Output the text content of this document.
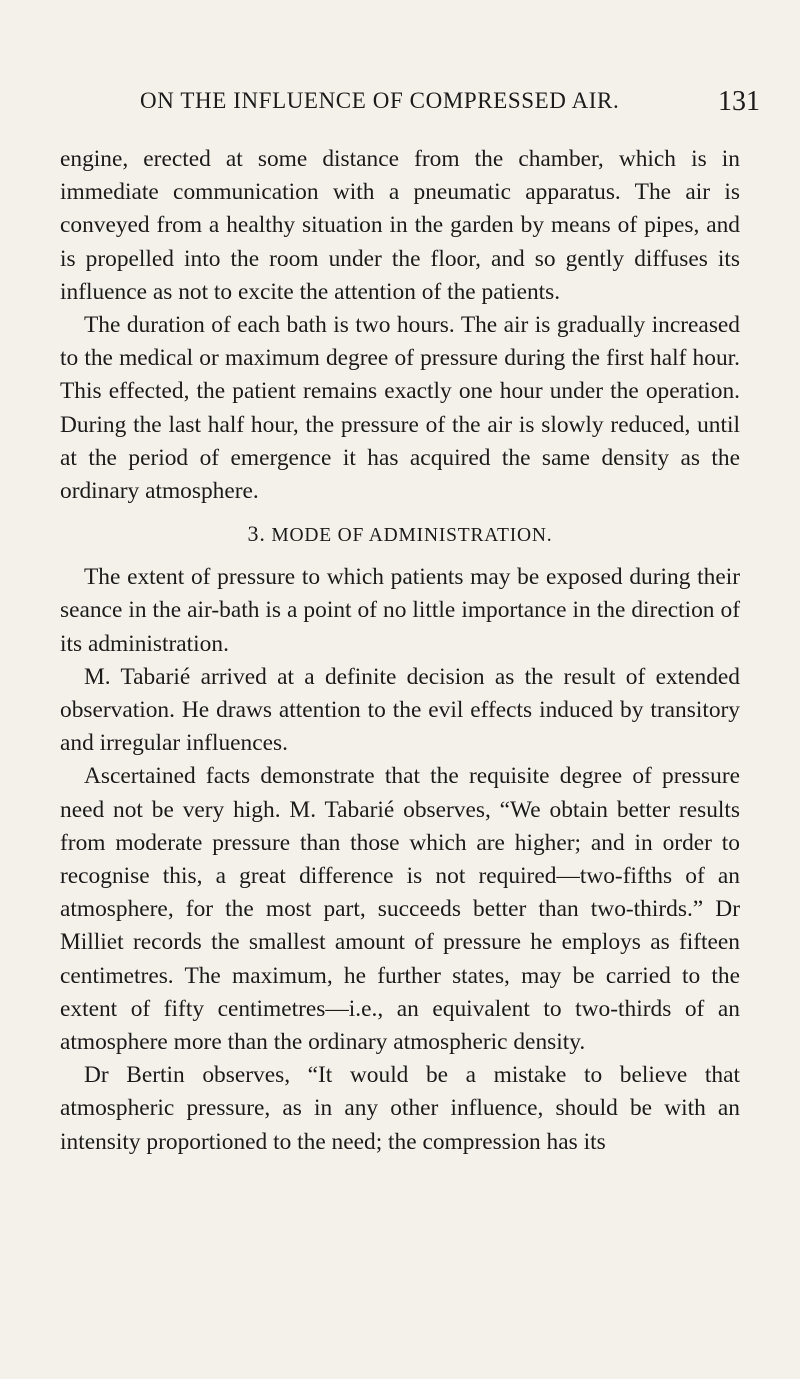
ON THE INFLUENCE OF COMPRESSED AIR.	131

engine, erected at some distance from the chamber, which is in immediate communication with a pneumatic apparatus. The air is conveyed from a healthy situation in the garden by means of pipes, and is propelled into the room under the floor, and so gently diffuses its influence as not to excite the attention of the patients.

The duration of each bath is two hours. The air is gradually increased to the medical or maximum degree of pressure during the first half hour. This effected, the patient remains exactly one hour under the operation. During the last half hour, the pressure of the air is slowly reduced, until at the period of emergence it has acquired the same density as the ordinary atmosphere.

3. MODE OF ADMINISTRATION.

The extent of pressure to which patients may be exposed during their seance in the air-bath is a point of no little importance in the direction of its administration.

M. Tabarié arrived at a definite decision as the result of extended observation. He draws attention to the evil effects induced by transitory and irregular influences.

Ascertained facts demonstrate that the requisite degree of pressure need not be very high. M. Tabarié observes, “We obtain better results from moderate pressure than those which are higher; and in order to recognise this, a great difference is not required—two-fifths of an atmosphere, for the most part, succeeds better than two-thirds.” Dr Milliet records the smallest amount of pressure he employs as fifteen centimetres. The maximum, he further states, may be carried to the extent of fifty centimetres—i.e., an equivalent to two-thirds of an atmosphere more than the ordinary atmospheric density.

Dr Bertin observes, “It would be a mistake to believe that atmospheric pressure, as in any other influence, should be with an intensity proportioned to the need; the compression has its
